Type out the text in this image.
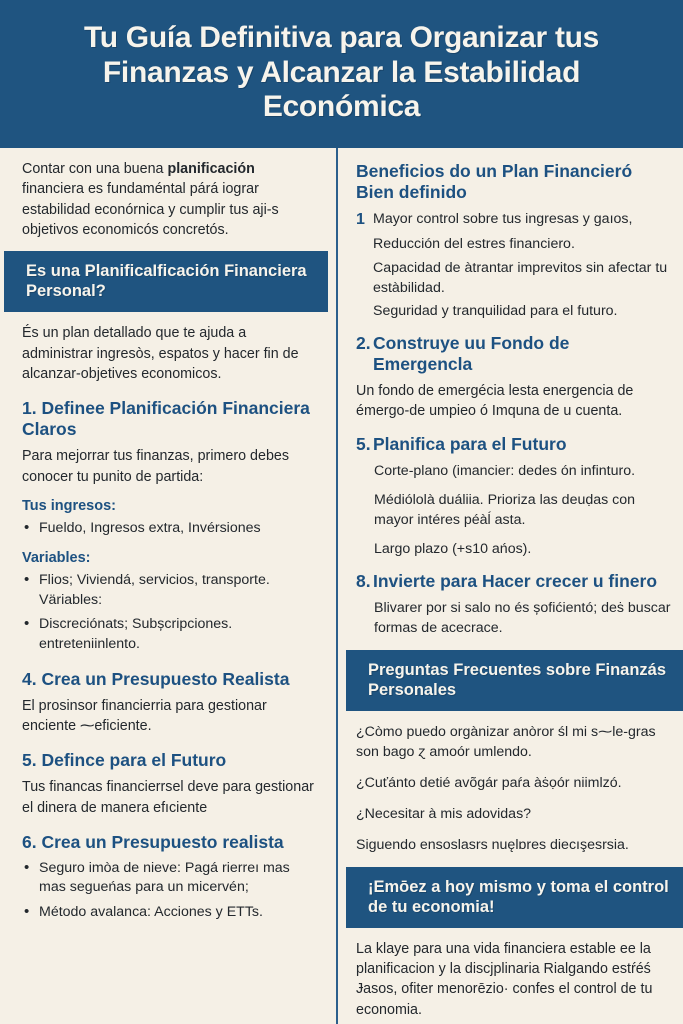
Tu Guía Definitiva para Organizar tus Finanzas y Alcanzar la Estabilidad Económica

Contar con una buena planificación financiera es fundaméntal párá iograr estabilidad econórnica y cumplir tus aji-s objetivos economicós concretós.

Es una PlanificaIficación Financiera Personal?

És un plan detallado que te ajuda a administrar ingresòs, espatos y hacer fin de alcanzar-objetives economicos.

1. Definee Planificación Financiera Claros

Para mejorrar tus finanzas, primero debes conocer tu punito de partida:

Tus ingresos:
• Fueldo, Ingresos extra, Invérsiones
Variables:
• Flios; Viviendá, servicios, transporte. Väriables:
• Discreciónats; Subșcripciones. entreteniinlento.
4. Crea un Presupuesto Realista

El prosinsor financierria para gestionar enciente ⁓eficiente.

5. Defince para el Futuro

Tus financas financierrsel deve para gestionar el dinera de manera efıciente

6. Crea un Presupuesto realista
• Seguro imòa de nieve: Pagá rierreı mas mas segueńas para un micervén;
• Método avalanca: Acciones y ETTs.
Beneficios do un Plan Financieró Bien definido
1 Mayor control sobre tus ingresas y gaıos,
Reducción del estres financiero.
Capacidad de àtrantar imprevitos sin afectar tu estàbilidad.
Seguridad y tranquilidad para el futuro.
2. Construye uu Fondo de Emergencla

Un fondo de emergécia lesta energencia de émergo-de umpieo ó Imquna de u cuenta.

5. Planifica para el Futuro

Corte-plano (imancier: dedes ón infinturo.

Médiólolà duáliia. Prioriza las deuḍas con mayor intéres péàĺ asta.

Largo plazo (+s10 ańos).

8. Invierte para Hacer crecer u finero

Blivarer por si salo no és șofićientó; deṡ buscar formas de acecrace.

Preguntas Frecuentes sobre Finanzás Personales

¿Còmo puedo orgànizar anòror śl mi s⁓le-gras son bago ɀ amoór umlendo.

¿Cuťánto detié avõgár paŕa àṡọór niimlzó.

¿Necesitar à mis adovidas?

Siguendo ensoslasrs nuęlɒres diecışesrsia.

¡Emōez a hoy mismo y toma el control de tu economia!

La klaye para una vida financiera estable ee la planificacion y la discjplinaria Rialgando estŕéś Ɉasos, ofiter menorēzio· confes el control de tu economia.
